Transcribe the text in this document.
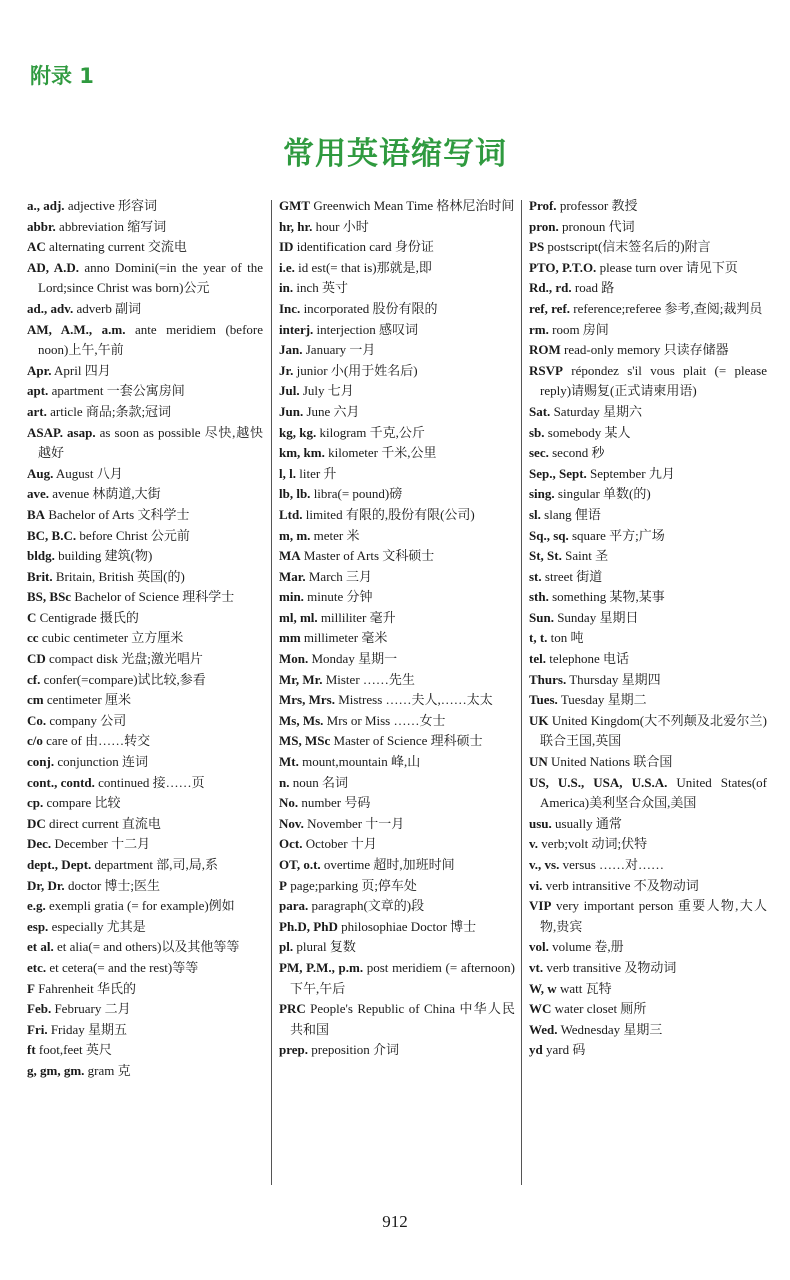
附录 1
常用英语缩写词
a., adj. adjective 形容词
abbr. abbreviation 缩写词
AC alternating current 交流电
AD, A.D. anno Domini(=in the year of the Lord;since Christ was born)公元
ad., adv. adverb 副词
AM, A.M., a.m. ante meridiem (before noon)上午,午前
Apr. April 四月
apt. apartment 一套公寓房间
art. article 商品;条款;冠词
ASAP. asap. as soon as possible 尽快,越快越好
Aug. August 八月
ave. avenue 林荫道,大街
BA Bachelor of Arts 文科学士
BC, B.C. before Christ 公元前
bldg. building 建筑(物)
Brit. Britain, British 英国(的)
BS, BSc Bachelor of Science 理科学士
C Centigrade 摄氏的
cc cubic centimeter 立方厘米
CD compact disk 光盘;激光唱片
cf. confer(=compare)试比较,参看
cm centimeter 厘米
Co. company 公司
c/o care of 由……转交
conj. conjunction 连词
cont., contd. continued 接……页
cp. compare 比较
DC direct current 直流电
Dec. December 十二月
dept., Dept. department 部,司,局,系
Dr, Dr. doctor 博士;医生
e.g. exempli gratia (= for example)例如
esp. especially 尤其是
et al. et alia(= and others)以及其他等等
etc. et cetera(= and the rest)等等
F Fahrenheit 华氏的
Feb. February 二月
Fri. Friday 星期五
ft foot,feet 英尺
g, gm, gm. gram 克
GMT Greenwich Mean Time 格林尼治时间
hr, hr. hour 小时
ID identification card 身份证
i.e. id est(= that is)那就是,即
in. inch 英寸
Inc. incorporated 股份有限的
interj. interjection 感叹词
Jan. January 一月
Jr. junior 小(用于姓名后)
Jul. July 七月
Jun. June 六月
kg, kg. kilogram 千克,公斤
km, km. kilometer 千米,公里
l, l. liter 升
lb, lb. libra(= pound)磅
Ltd. limited 有限的,股份有限(公司)
m, m. meter 米
MA Master of Arts 文科硕士
Mar. March 三月
min. minute 分钟
ml, ml. milliliter 毫升
mm millimeter 毫米
Mon. Monday 星期一
Mr, Mr. Mister ……先生
Mrs, Mrs. Mistress ……夫人,……太太
Ms, Ms. Mrs or Miss ……女士
MS, MSc Master of Science 理科硕士
Mt. mount,mountain 峰,山
n. noun 名词
No. number 号码
Nov. November 十一月
Oct. October 十月
OT, o.t. overtime 超时,加班时间
P page;parking 页;停车处
para. paragraph(文章的)段
Ph.D, PhD philosophiae Doctor 博士
pl. plural 复数
PM, P.M., p.m. post meridiem (= afternoon)下午,午后
PRC People's Republic of China 中华人民共和国
prep. preposition 介词
Prof. professor 教授
pron. pronoun 代词
PS postscript(信末签名后的)附言
PTO, P.T.O. please turn over 请见下页
Rd., rd. road 路
ref, ref. reference;referee 参考,查阅;裁判员
rm. room 房间
ROM read-only memory 只读存储器
RSVP répondez s'il vous plait (= please reply)请赐复(正式请柬用语)
Sat. Saturday 星期六
sb. somebody 某人
sec. second 秒
Sep., Sept. September 九月
sing. singular 单数(的)
sl. slang 俚语
Sq., sq. square 平方;广场
St, St. Saint 圣
st. street 街道
sth. something 某物,某事
Sun. Sunday 星期日
t, t. ton 吨
tel. telephone 电话
Thurs. Thursday 星期四
Tues. Tuesday 星期二
UK United Kingdom(大不列颠及北爱尔兰)联合王国,英国
UN United Nations 联合国
US, U.S., USA, U.S.A. United States(of America)美利坚合众国,美国
usu. usually 通常
v. verb;volt 动词;伏特
v., vs. versus ……对……
vi. verb intransitive 不及物动词
VIP very important person 重要人物,大人物,贵宾
vol. volume 卷,册
vt. verb transitive 及物动词
W, w watt 瓦特
WC water closet 厕所
Wed. Wednesday 星期三
yd yard 码
912
